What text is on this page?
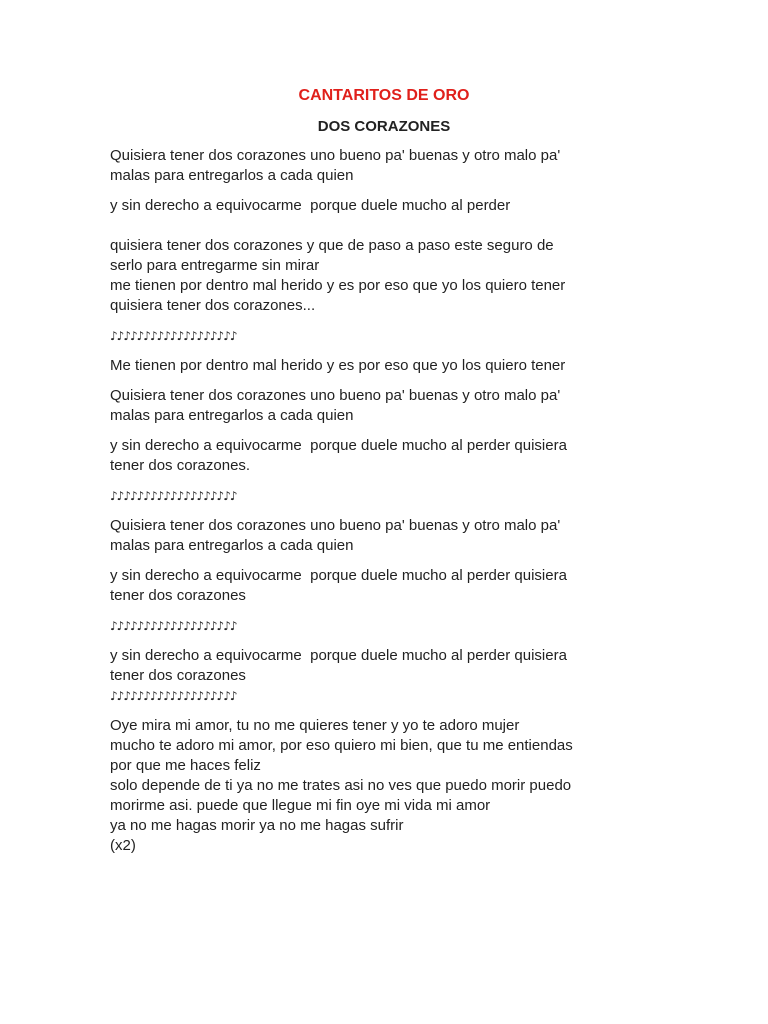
CANTARITOS DE ORO
DOS CORAZONES

Quisiera tener dos corazones uno bueno pa' buenas y otro malo pa'
malas para entregarlos a cada quien

y sin derecho a equivocarme  porque duele mucho al perder

quisiera tener dos corazones y que de paso a paso este seguro de
serlo para entregarme sin mirar
me tienen por dentro mal herido y es por eso que yo los quiero tener
quisiera tener dos corazones...

♪♪♪♪♪♪♪♪♪♪♪♪♪♪♪♪♪♪♪

Me tienen por dentro mal herido y es por eso que yo los quiero tener

Quisiera tener dos corazones uno bueno pa' buenas y otro malo pa'
malas para entregarlos a cada quien

y sin derecho a equivocarme  porque duele mucho al perder quisiera
tener dos corazones.

♪♪♪♪♪♪♪♪♪♪♪♪♪♪♪♪♪♪♪

Quisiera tener dos corazones uno bueno pa' buenas y otro malo pa'
malas para entregarlos a cada quien

y sin derecho a equivocarme  porque duele mucho al perder quisiera
tener dos corazones

♪♪♪♪♪♪♪♪♪♪♪♪♪♪♪♪♪♪♪

y sin derecho a equivocarme  porque duele mucho al perder quisiera
tener dos corazones

♪♪♪♪♪♪♪♪♪♪♪♪♪♪♪♪♪♪♪

Oye mira mi amor, tu no me quieres tener y yo te adoro mujer
mucho te adoro mi amor, por eso quiero mi bien, que tu me entiendas
por que me haces feliz
solo depende de ti ya no me trates asi no ves que puedo morir puedo
morirme asi. puede que llegue mi fin oye mi vida mi amor
ya no me hagas morir ya no me hagas sufrir
(x2)
